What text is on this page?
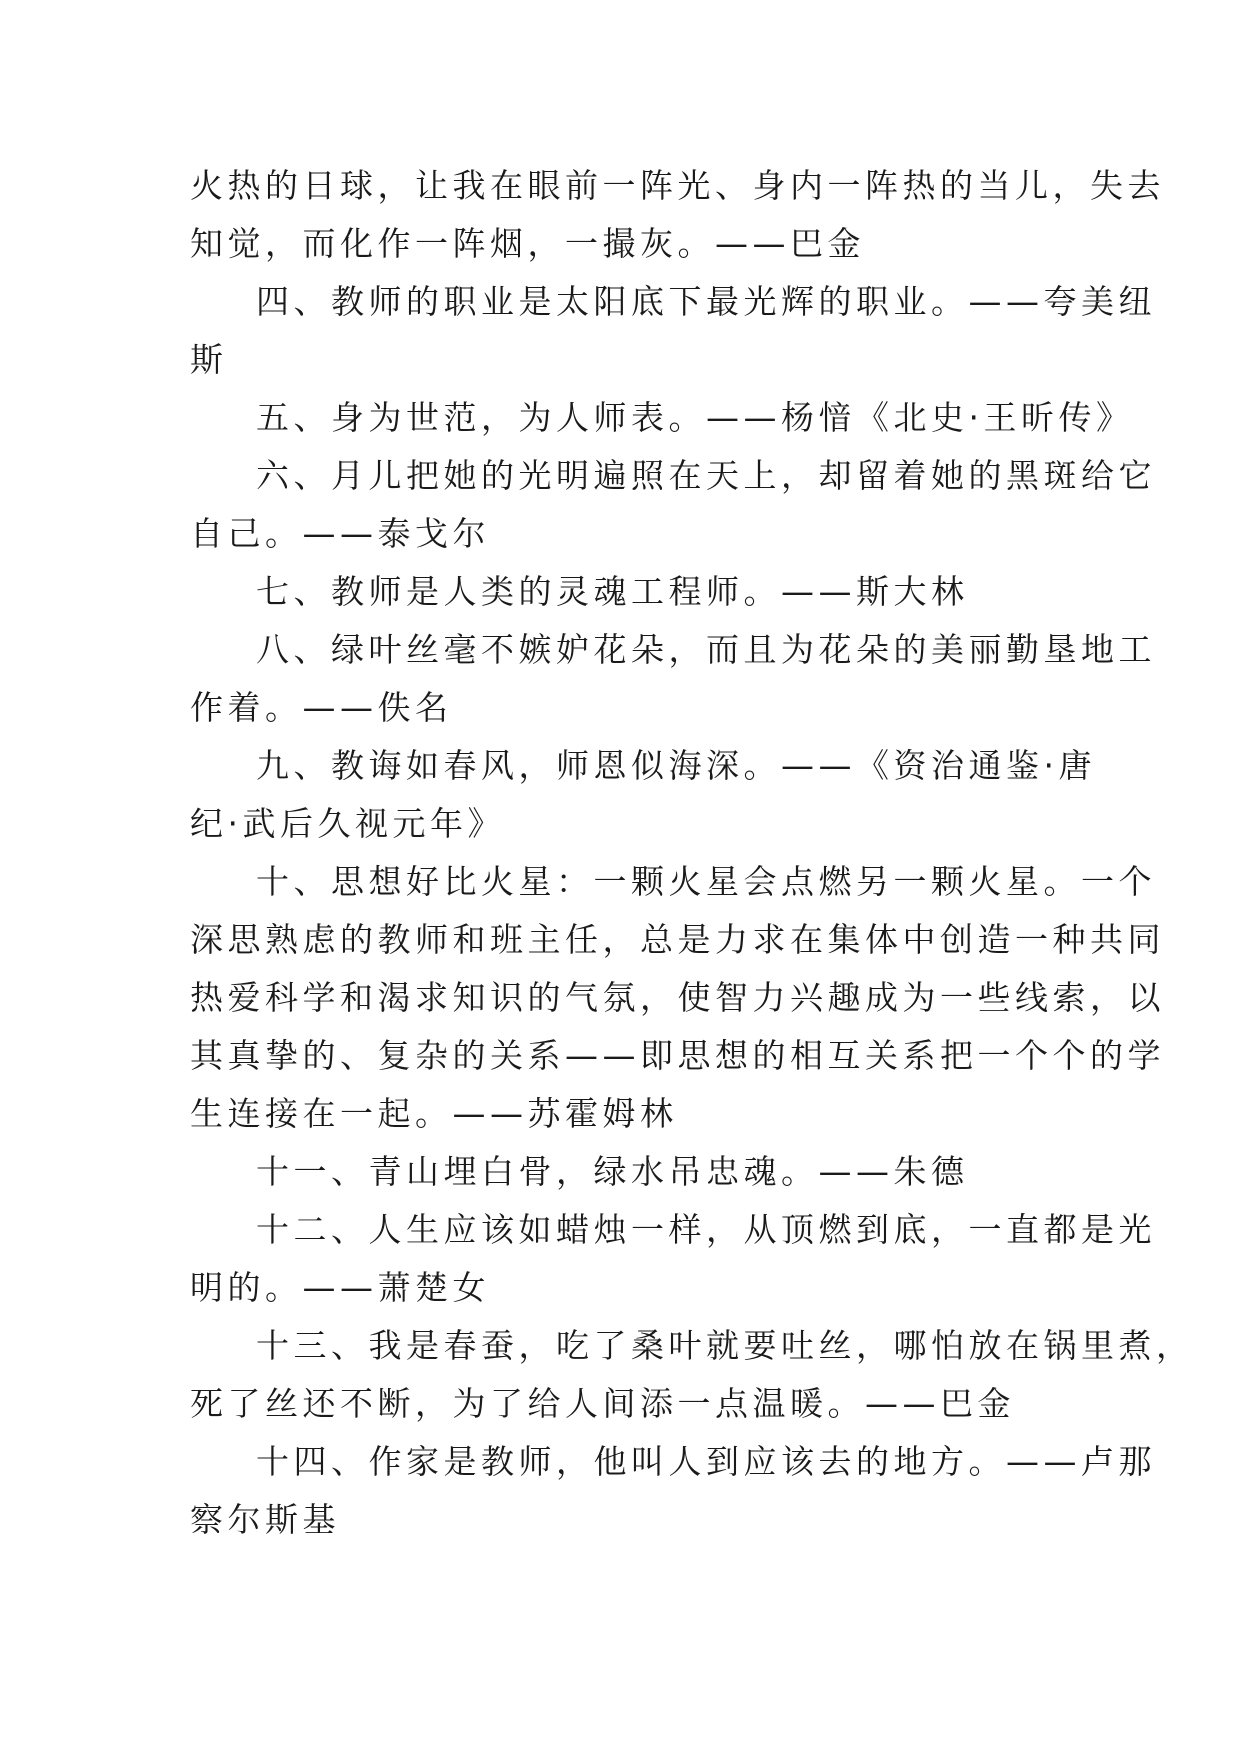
火热的日球，让我在眼前一阵光、身内一阵热的当儿，失去
知觉，而化作一阵烟，一撮灰。——巴金
四、教师的职业是太阳底下最光辉的职业。——夸美纽
斯
五、身为世范，为人师表。——杨愔《北史·王昕传》
六、月儿把她的光明遍照在天上，却留着她的黑斑给它
自己。——泰戈尔
七、教师是人类的灵魂工程师。——斯大林
八、绿叶丝毫不嫉妒花朵，而且为花朵的美丽勤垦地工
作着。——佚名
九、教诲如春风，师恩似海深。——《资治通鉴·唐
纪·武后久视元年》
十、思想好比火星：一颗火星会点燃另一颗火星。一个
深思熟虑的教师和班主任，总是力求在集体中创造一种共同
热爱科学和渴求知识的气氛，使智力兴趣成为一些线索，以
其真挚的、复杂的关系——即思想的相互关系把一个个的学
生连接在一起。——苏霍姆林
十一、青山埋白骨，绿水吊忠魂。——朱德
十二、人生应该如蜡烛一样，从顶燃到底，一直都是光
明的。——萧楚女
十三、我是春蚕，吃了桑叶就要吐丝，哪怕放在锅里煮，
死了丝还不断，为了给人间添一点温暖。——巴金
十四、作家是教师，他叫人到应该去的地方。——卢那
察尔斯基
